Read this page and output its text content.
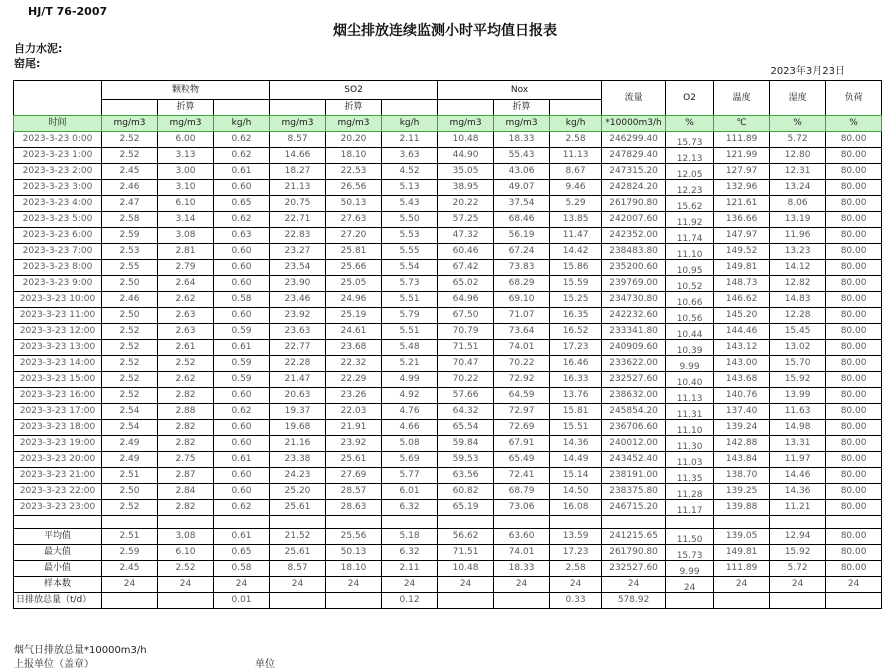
HJ/T 76-2007
烟尘排放连续监测小时平均值日报表
自力水泥:
窑尾:
2023年3月23日
	颗粒物			SO2			Nox			流量	O2	温度	湿度	负荷
		折算			折算			折算						
时间	mg/m3	mg/m3	kg/h	mg/m3	mg/m3	kg/h	mg/m3	mg/m3	kg/h	*10000m3/h	%	℃	%	%
2023-3-23 0:00	2.52	6.00	0.62	8.57	20.20	2.11	10.48	18.33	2.58	246299.40	15.73	111.89	5.72	80.00
2023-3-23 1:00	2.52	3.13	0.62	14.66	18.10	3.63	44.90	55.43	11.13	247829.40	12.13	121.99	12.80	80.00
2023-3-23 2:00	2.45	3.00	0.61	18.27	22.53	4.52	35.05	43.06	8.67	247315.20	12.05	127.97	12.31	80.00
2023-3-23 3:00	2.46	3.10	0.60	21.13	26.56	5.13	38.95	49.07	9.46	242824.20	12.23	132.96	13.24	80.00
2023-3-23 4:00	2.47	6.10	0.65	20.75	50.13	5.43	20.22	37.54	5.29	261790.80	15.62	121.61	8.06	80.00
2023-3-23 5:00	2.58	3.14	0.62	22.71	27.63	5.50	57.25	68.46	13.85	242007.60	11.92	136.66	13.19	80.00
2023-3-23 6:00	2.59	3.08	0.63	22.83	27.20	5.53	47.32	56.19	11.47	242352.00	11.74	147.97	11.96	80.00
2023-3-23 7:00	2.53	2.81	0.60	23.27	25.81	5.55	60.46	67.24	14.42	238483.80	11.10	149.52	13.23	80.00
2023-3-23 8:00	2.55	2.79	0.60	23.54	25.66	5.54	67.42	73.83	15.86	235200.60	10.95	149.81	14.12	80.00
2023-3-23 9:00	2.50	2.64	0.60	23.90	25.05	5.73	65.02	68.29	15.59	239769.00	10.52	148.73	12.82	80.00
2023-3-23 10:00	2.46	2.62	0.58	23.46	24.96	5.51	64.96	69.10	15.25	234730.80	10.66	146.62	14.83	80.00
2023-3-23 11:00	2.50	2.63	0.60	23.92	25.19	5.79	67.50	71.07	16.35	242232.60	10.56	145.20	12.28	80.00
2023-3-23 12:00	2.52	2.63	0.59	23.63	24.61	5.51	70.79	73.64	16.52	233341.80	10.44	144.46	15.45	80.00
2023-3-23 13:00	2.52	2.61	0.61	22.77	23.68	5.48	71.51	74.01	17.23	240909.60	10.39	143.12	13.02	80.00
2023-3-23 14:00	2.52	2.52	0.59	22.28	22.32	5.21	70.47	70.22	16.46	233622.00	9.99	143.00	15.70	80.00
2023-3-23 15:00	2.52	2.62	0.59	21.47	22.29	4.99	70.22	72.92	16.33	232527.60	10.40	143.68	15.92	80.00
2023-3-23 16:00	2.52	2.82	0.60	20.63	23.26	4.92	57.66	64.59	13.76	238632.00	11.13	140.76	13.99	80.00
2023-3-23 17:00	2.54	2.88	0.62	19.37	22.03	4.76	64.32	72.97	15.81	245854.20	11.31	137.40	11.63	80.00
2023-3-23 18:00	2.54	2.82	0.60	19.68	21.91	4.66	65.54	72.69	15.51	236706.60	11.10	139.24	14.98	80.00
2023-3-23 19:00	2.49	2.82	0.60	21.16	23.92	5.08	59.84	67.91	14.36	240012.00	11.30	142.88	13.31	80.00
2023-3-23 20:00	2.49	2.75	0.61	23.38	25.61	5.69	59.53	65.49	14.49	243452.40	11.03	143.84	11.97	80.00
2023-3-23 21:00	2.51	2.87	0.60	24.23	27.69	5.77	63.56	72.41	15.14	238191.00	11.35	138.70	14.46	80.00
2023-3-23 22:00	2.50	2.84	0.60	25.20	28.57	6.01	60.82	68.79	14.50	238375.80	11.28	139.25	14.36	80.00
2023-3-23 23:00	2.52	2.82	0.62	25.61	28.63	6.32	65.19	73.06	16.08	246715.20	11.17	139.88	11.21	80.00

平均值	2.51	3.08	0.61	21.52	25.56	5.18	56.62	63.60	13.59	241215.65	11.50	139.05	12.94	80.00
最大值	2.59	6.10	0.65	25.61	50.13	6.32	71.51	74.01	17.23	261790.80	15.73	149.81	15.92	80.00
最小值	2.45	2.52	0.58	8.57	18.10	2.11	10.48	18.33	2.58	232527.60	9.99	111.89	5.72	80.00
样本数	24	24	24	24	24	24	24	24	24	24	24	24	24	24
日排放总量（t/d）			0.01			0.12			0.33	578.92				
烟气日排放总量*10000m3/h
上报单位（盖章）	单位
